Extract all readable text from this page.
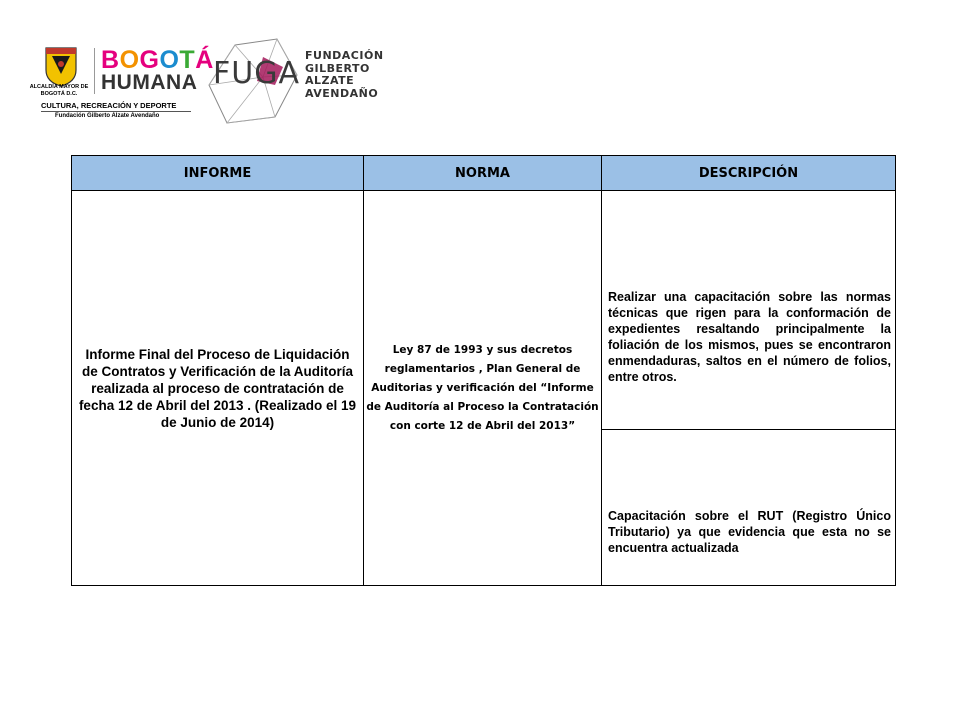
ALCALDÍA MAYOR DE BOGOTÁ D.C.
BOGOTÁ
HUMANA
CULTURA, RECREACIÓN Y DEPORTE
Fundación Gilberto Alzate Avendaño
FUGA
FUNDACIÓN
GILBERTO
ALZATE
AVENDAÑO
INFORME	NORMA	DESCRIPCIÓN

Informe Final del Proceso de Liquidación de Contratos y Verificación de la Auditoría realizada al proceso de contratación de fecha 12 de Abril del 2013 . (Realizado el 19 de Junio de 2014)	Ley 87 de 1993 y sus decretos reglamentarios , Plan General de Auditorias y verificación del “Informe de Auditoría al Proceso la Contratación con corte 12 de Abril del 2013”	Realizar una capacitación sobre las normas técnicas que rigen para la conformación de expedientes resaltando principalmente la foliación de los mismos, pues se encontraron enmendaduras, saltos en el número de folios, entre otros.

		Capacitación sobre el RUT (Registro Único Tributario) ya que evidencia que esta no se encuentra actualizada
